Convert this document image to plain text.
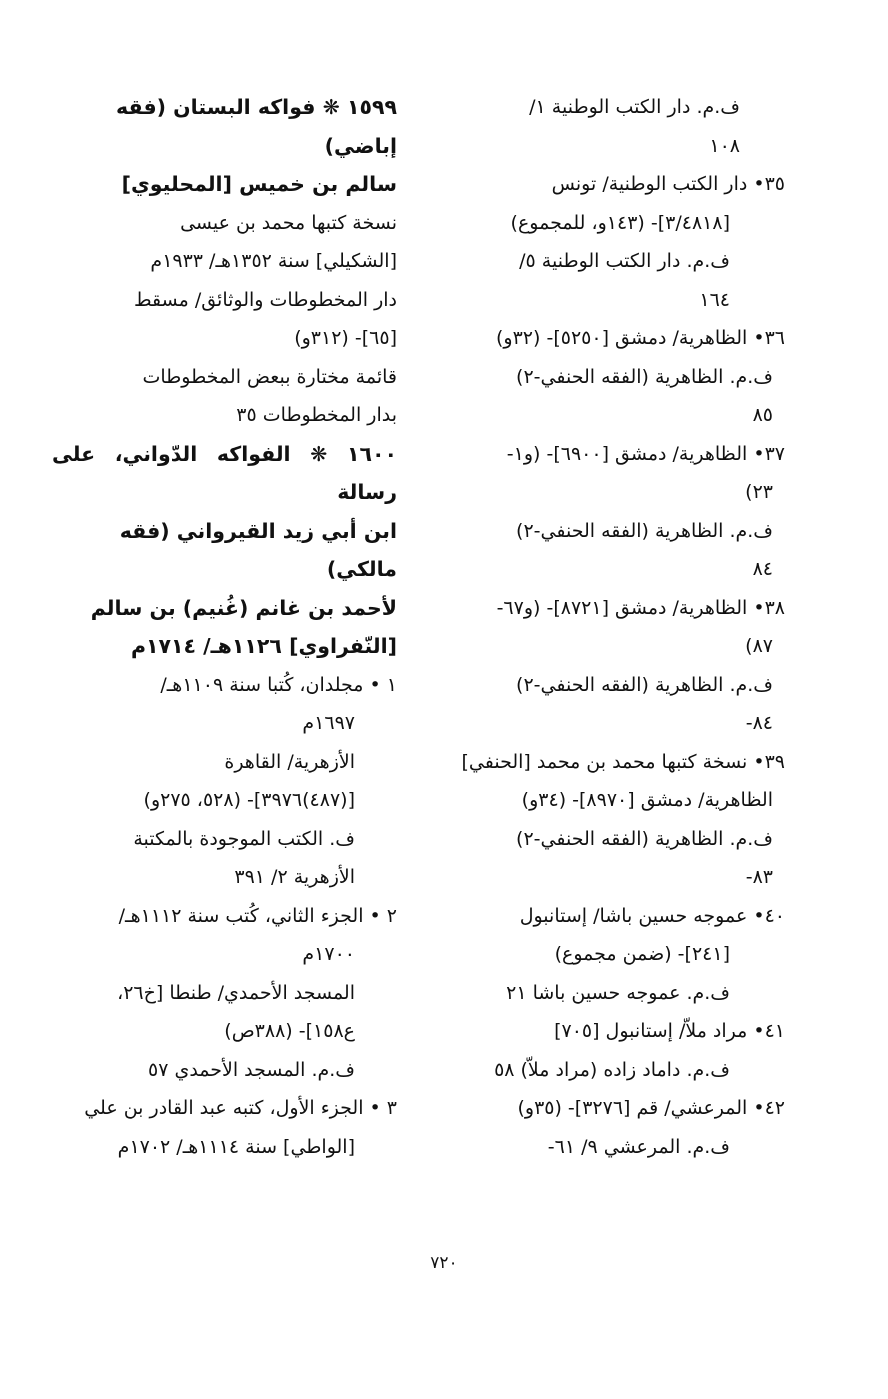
ف.م. دار الكتب الوطنية ١/

١٠٨

٣٥• دار الكتب الوطنية/ تونس

[٣/٤٨١٨]- (١٤٣و، للمجموع)

ف.م. دار الكتب الوطنية ٥/

١٦٤

٣٦• الظاهرية/ دمشق [٥٢٥٠]- (٣٢و)

ف.م. الظاهرية (الفقه الحنفي-٢)

٨٥

٣٧• الظاهرية/ دمشق [٦٩٠٠]- (و١-

٢٣)

ف.م. الظاهرية (الفقه الحنفي-٢)

٨٤

٣٨• الظاهرية/ دمشق [٨٧٢١]- (و٦٧-

٨٧)

ف.م. الظاهرية (الفقه الحنفي-٢)

٨٤-

٣٩• نسخة كتبها محمد بن محمد [الحنفي]

الظاهرية/ دمشق [٨٩٧٠]- (٣٤و)

ف.م. الظاهرية (الفقه الحنفي-٢)

٨٣-

٤٠• عموجه حسين باشا/ إستانبول

[٢٤١]- (ضمن مجموع)

ف.م. عموجه حسين باشا ٢١

٤١• مراد ملاّ/ إستانبول [٧٠٥]

ف.م. داماد زاده (مراد ملاّ) ٥٨

٤٢• المرعشي/ قم [٣٢٧٦]- (٣٥و)

ف.م. المرعشي ٩/ ٦١-

١٥٩٩ ❋ فواكه البستان (فقه

إباضي)

سالم بن خميس [المحليوي]

نسخة كتبها محمد بن عيسى

[الشكيلي] سنة ١٣٥٢هـ/ ١٩٣٣م

دار المخطوطات والوثائق/ مسقط

[٦٥]- (٣١٢و)

قائمة مختارة ببعض المخطوطات

بدار المخطوطات ٣٥

١٦٠٠ ❋ الفواكه الدّواني، على رسالة

ابن أبي زيد القيرواني (فقه

مالكي)

لأحمد بن غانم (غُنيم) بن سالم

[النّفراوي] ١١٢٦هـ/ ١٧١٤م

١ • مجلدان، كُتبا سنة ١١٠٩هـ/

١٦٩٧م

الأزهرية/ القاهرة

[(٤٨٧)٣٩٧٦]- (٥٢٨، ٢٧٥و)

ف. الكتب الموجودة بالمكتبة

الأزهرية ٢/ ٣٩١

٢ • الجزء الثاني، كُتب سنة ١١١٢هـ/

١٧٠٠م

المسجد الأحمدي/ طنطا [خ٢٦،

ع١٥٨]- (٣٨٨ص)

ف.م. المسجد الأحمدي ٥٧

٣ • الجزء الأول، كتبه عبد القادر بن علي

[الواطي] سنة ١١١٤هـ/ ١٧٠٢م

٧٢٠
